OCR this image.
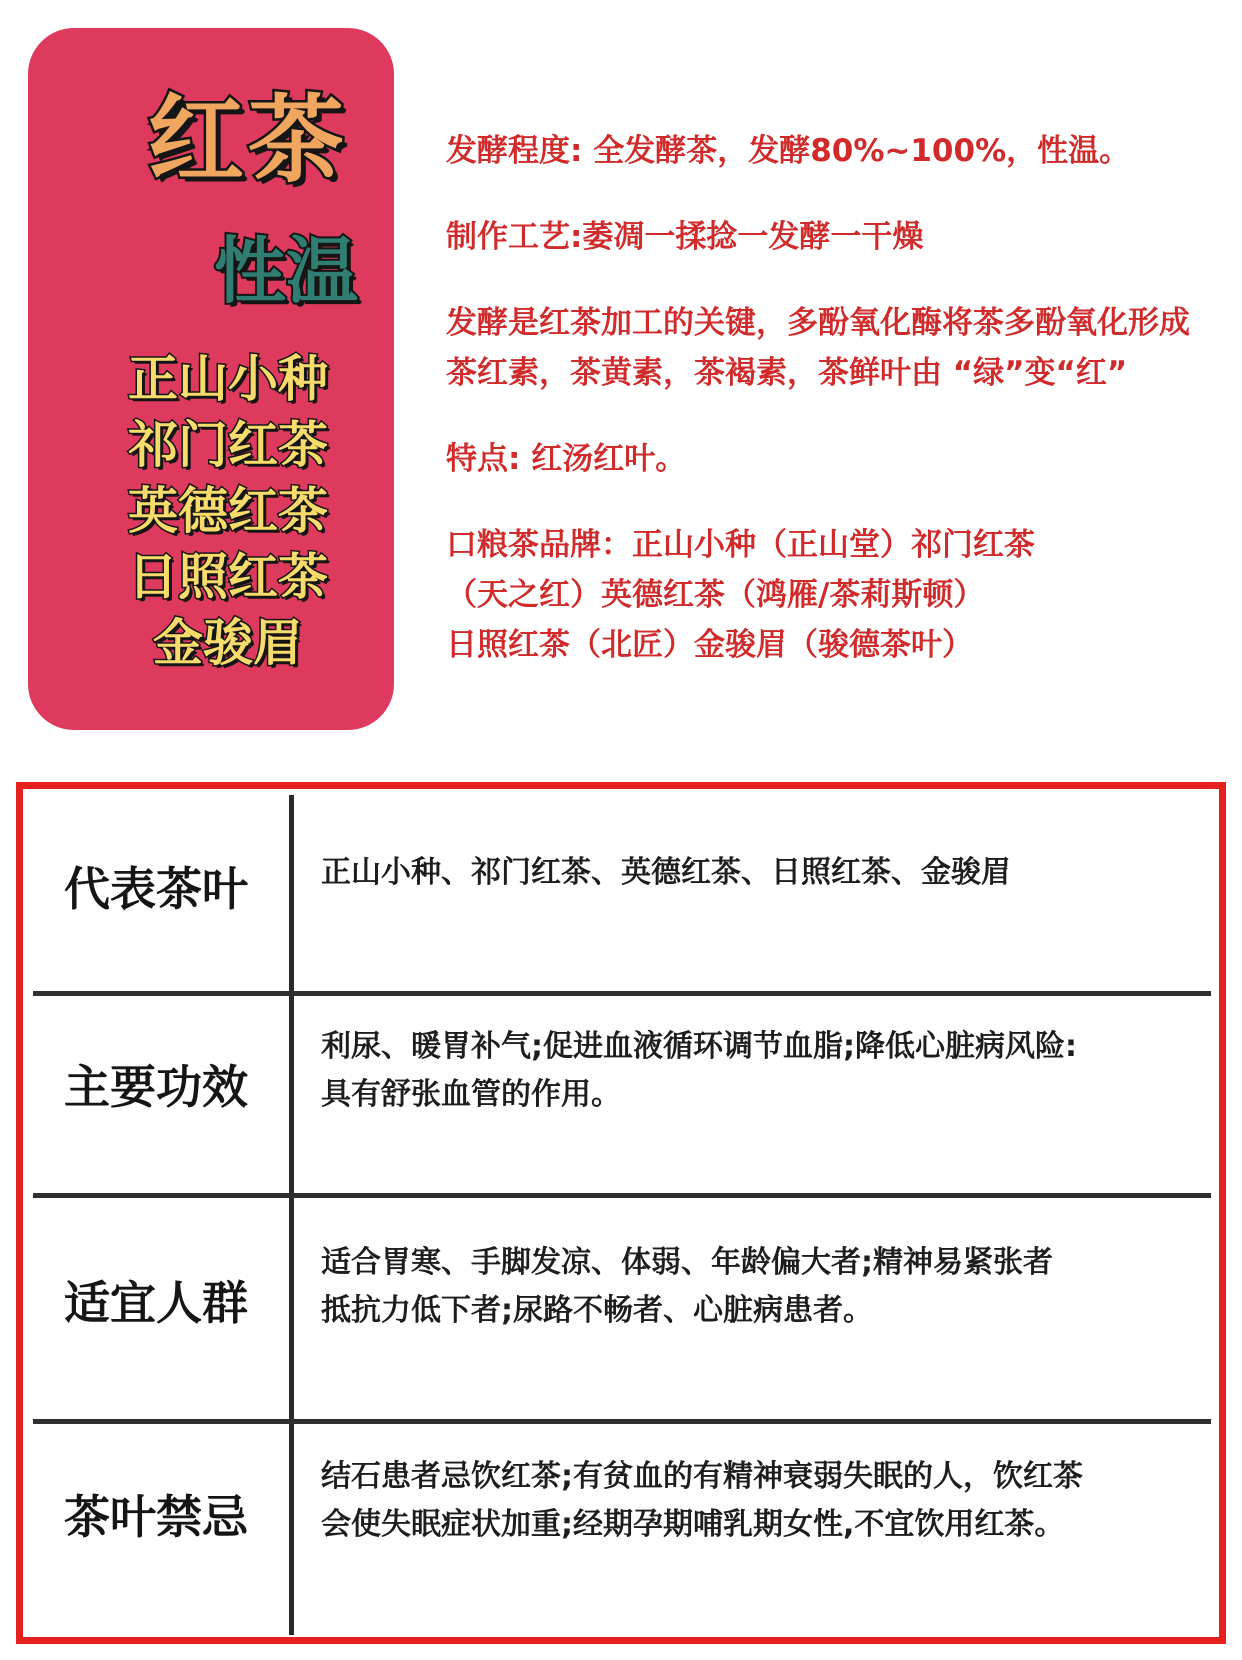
红茶
性温
正山小种
祁门红茶
英德红茶
日照红茶
金骏眉

发酵程度: 全发酵茶，发酵80%~100%，性温。

制作工艺:萎凋一揉捻一发酵一干燥

发酵是红茶加工的关键，多酚氧化酶将茶多酚氧化形成茶红素，茶黄素，茶褐素，茶鲜叶由 “绿”变“红”

特点: 红汤红叶。

口粮茶品牌：正山小种（正山堂）祁门红茶

（天之红）英德红茶（鸿雁/茶莉斯顿）

日照红茶（北匠）金骏眉（骏德茶叶）

代表茶叶	正山小种、祁门红茶、英德红茶、日照红茶、金骏眉
主要功效
利尿、暖胃补气;促进血液循环调节血脂;降低心脏病风险:
具有舒张血管的作用。
适宜人群
适合胃寒、手脚发凉、体弱、年龄偏大者;精神易紧张者
抵抗力低下者;尿路不畅者、心脏病患者。
茶叶禁忌
结石患者忌饮红茶;有贫血的有精神衰弱失眠的人，饮红茶
会使失眠症状加重;经期孕期哺乳期女性,不宜饮用红茶。
